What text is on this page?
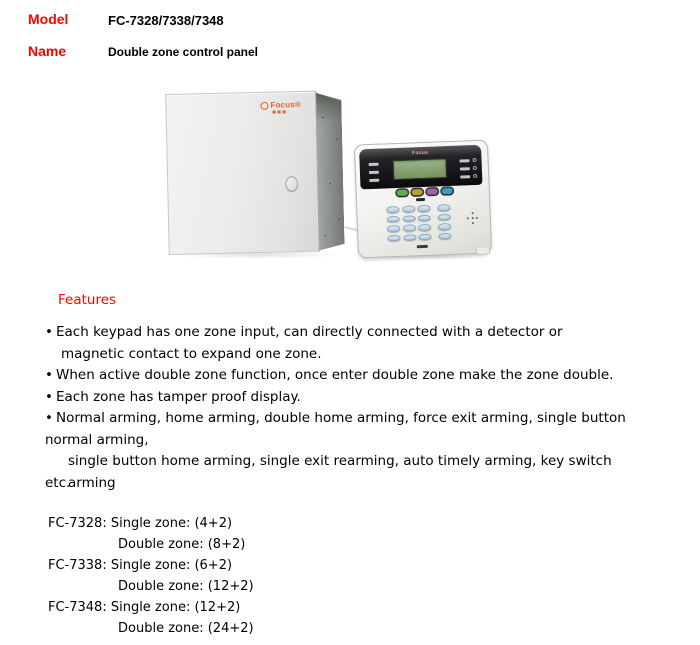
Model	FC-7328/7338/7348
Name	Double zone control panel
Focus®
Focus
Features
• Each keypad has one zone input, can directly connected with a detector or
magnetic contact to expand one zone.
• When active double zone function, once enter double zone make the zone double.
• Each zone has tamper proof display.
• Normal arming, home arming, double home arming, force exit arming, single button
normal arming,
single button home arming, single exit rearming, auto timely arming, key switch arming
etc.
FC-7328: Single zone: (4+2)
Double zone: (8+2)
FC-7338: Single zone: (6+2)
Double zone: (12+2)
FC-7348: Single zone: (12+2)
Double zone: (24+2)
